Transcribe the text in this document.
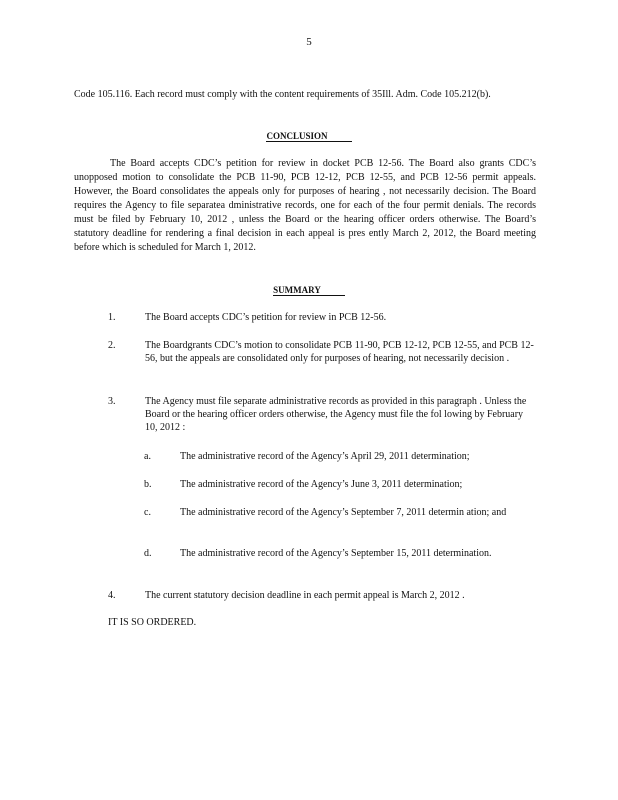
5

Code 105.116. Each record must comply with the content requirements of 35Ill. Adm. Code 105.212(b).

CONCLUSION

The Board accepts CDC’s petition for review in docket PCB 12-56. The Board also grants CDC’s unopposed motion to consolidate the PCB 11-90, PCB 12-12, PCB 12-55, and PCB 12-56 permit appeals. However, the Board consolidates the appeals only for purposes of hearing , not necessarily decision. The Board requires the Agency to file separatea dministrative records, one for each of the four permit denials. The records must be filed by February 10, 2012 , unless the Board or the hearing officer orders otherwise. The Board’s statutory deadline for rendering a final decision in each appeal is pres ently March 2, 2012, the Board meeting before which is scheduled for March 1, 2012.

SUMMARY
1.	The Board accepts CDC’s petition for review in PCB 12-56.
2.	The Boardgrants CDC’s motion to consolidate PCB 11-90, PCB 12-12, PCB 12-55, and PCB 12-56, but the appeals are consolidated only for purposes of hearing, not necessarily decision .
3.	The Agency must file separate administrative records as provided in this paragraph . Unless the Board or the hearing officer orders otherwise, the Agency must file the fol lowing by February 10, 2012 :
a.	The administrative record of the Agency’s April 29, 2011 determination;
b.	The administrative record of the Agency’s June 3, 2011 determination;
c.	The administrative record of the Agency’s September 7, 2011 determin ation; and
d.	The administrative record of the Agency’s September 15, 2011 determination.
4.	The current statutory decision deadline in each permit appeal is March 2, 2012 .
IT IS SO ORDERED.
